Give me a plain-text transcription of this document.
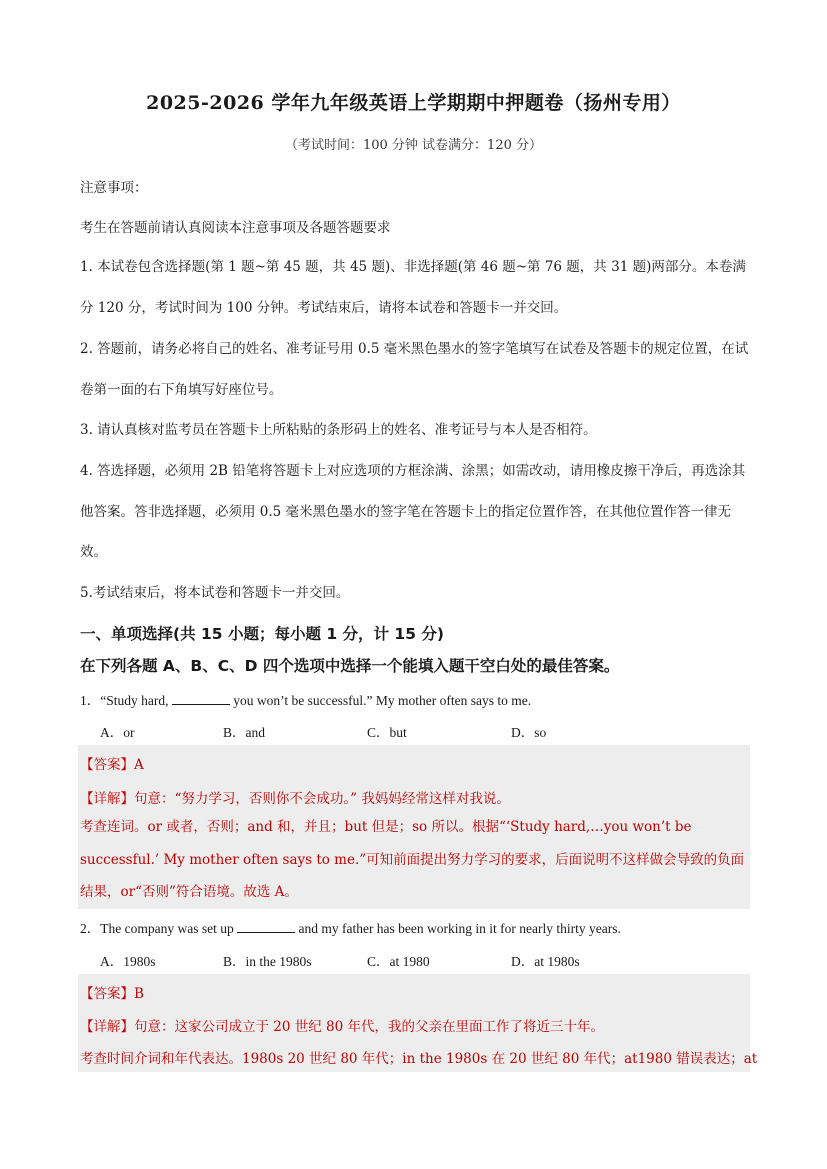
2025-2026 学年九年级英语上学期期中押题卷（扬州专用）
（考试时间：100 分钟 试卷满分：120 分）
注意事项：
考生在答题前请认真阅读本注意事项及各题答题要求
1. 本试卷包含选择题(第 1 题~第 45 题，共 45 题)、非选择题(第 46 题~第 76 题，共 31 题)两部分。本卷满分 120 分，考试时间为 100 分钟。考试结束后，请将本试卷和答题卡一并交回。
2. 答题前，请务必将自己的姓名、准考证号用 0.5 毫米黑色墨水的签字笔填写在试卷及答题卡的规定位置，在试卷第一面的右下角填写好座位号。
3. 请认真核对监考员在答题卡上所粘贴的条形码上的姓名、准考证号与本人是否相符。
4. 答选择题，必须用 2B 铅笔将答题卡上对应选项的方框涂满、涂黑；如需改动，请用橡皮擦干净后，再选涂其他答案。答非选择题，必须用 0.5 毫米黑色墨水的签字笔在答题卡上的指定位置作答，在其他位置作答一律无效。
5.考试结束后，将本试卷和答题卡一并交回。
一、单项选择(共 15 小题；每小题 1 分，计 15 分)
在下列各题 A、B、C、D 四个选项中选择一个能填入题干空白处的最佳答案。
1．“Study hard,	you won’t be successful.” My mother often says to me.
A．or	B．and	C．but	D．so
【答案】A
【详解】句意：“努力学习，否则你不会成功。” 我妈妈经常这样对我说。
考查连词。or 或者，否则；and 和，并且；but 但是；so 所以。根据“‘Study hard,…you won’t be successful.’ My mother often says to me.”可知前面提出努力学习的要求，后面说明不这样做会导致的负面结果，or“否则”符合语境。故选 A。
2．The company was set up	and my father has been working in it for nearly thirty years.
A．1980s	B．in the 1980s	C．at 1980	D．at 1980s
【答案】B
【详解】句意：这家公司成立于 20 世纪 80 年代，我的父亲在里面工作了将近三十年。
考查时间介词和年代表达。1980s 20 世纪 80 年代；in the 1980s 在 20 世纪 80 年代；at1980 错误表达；at
